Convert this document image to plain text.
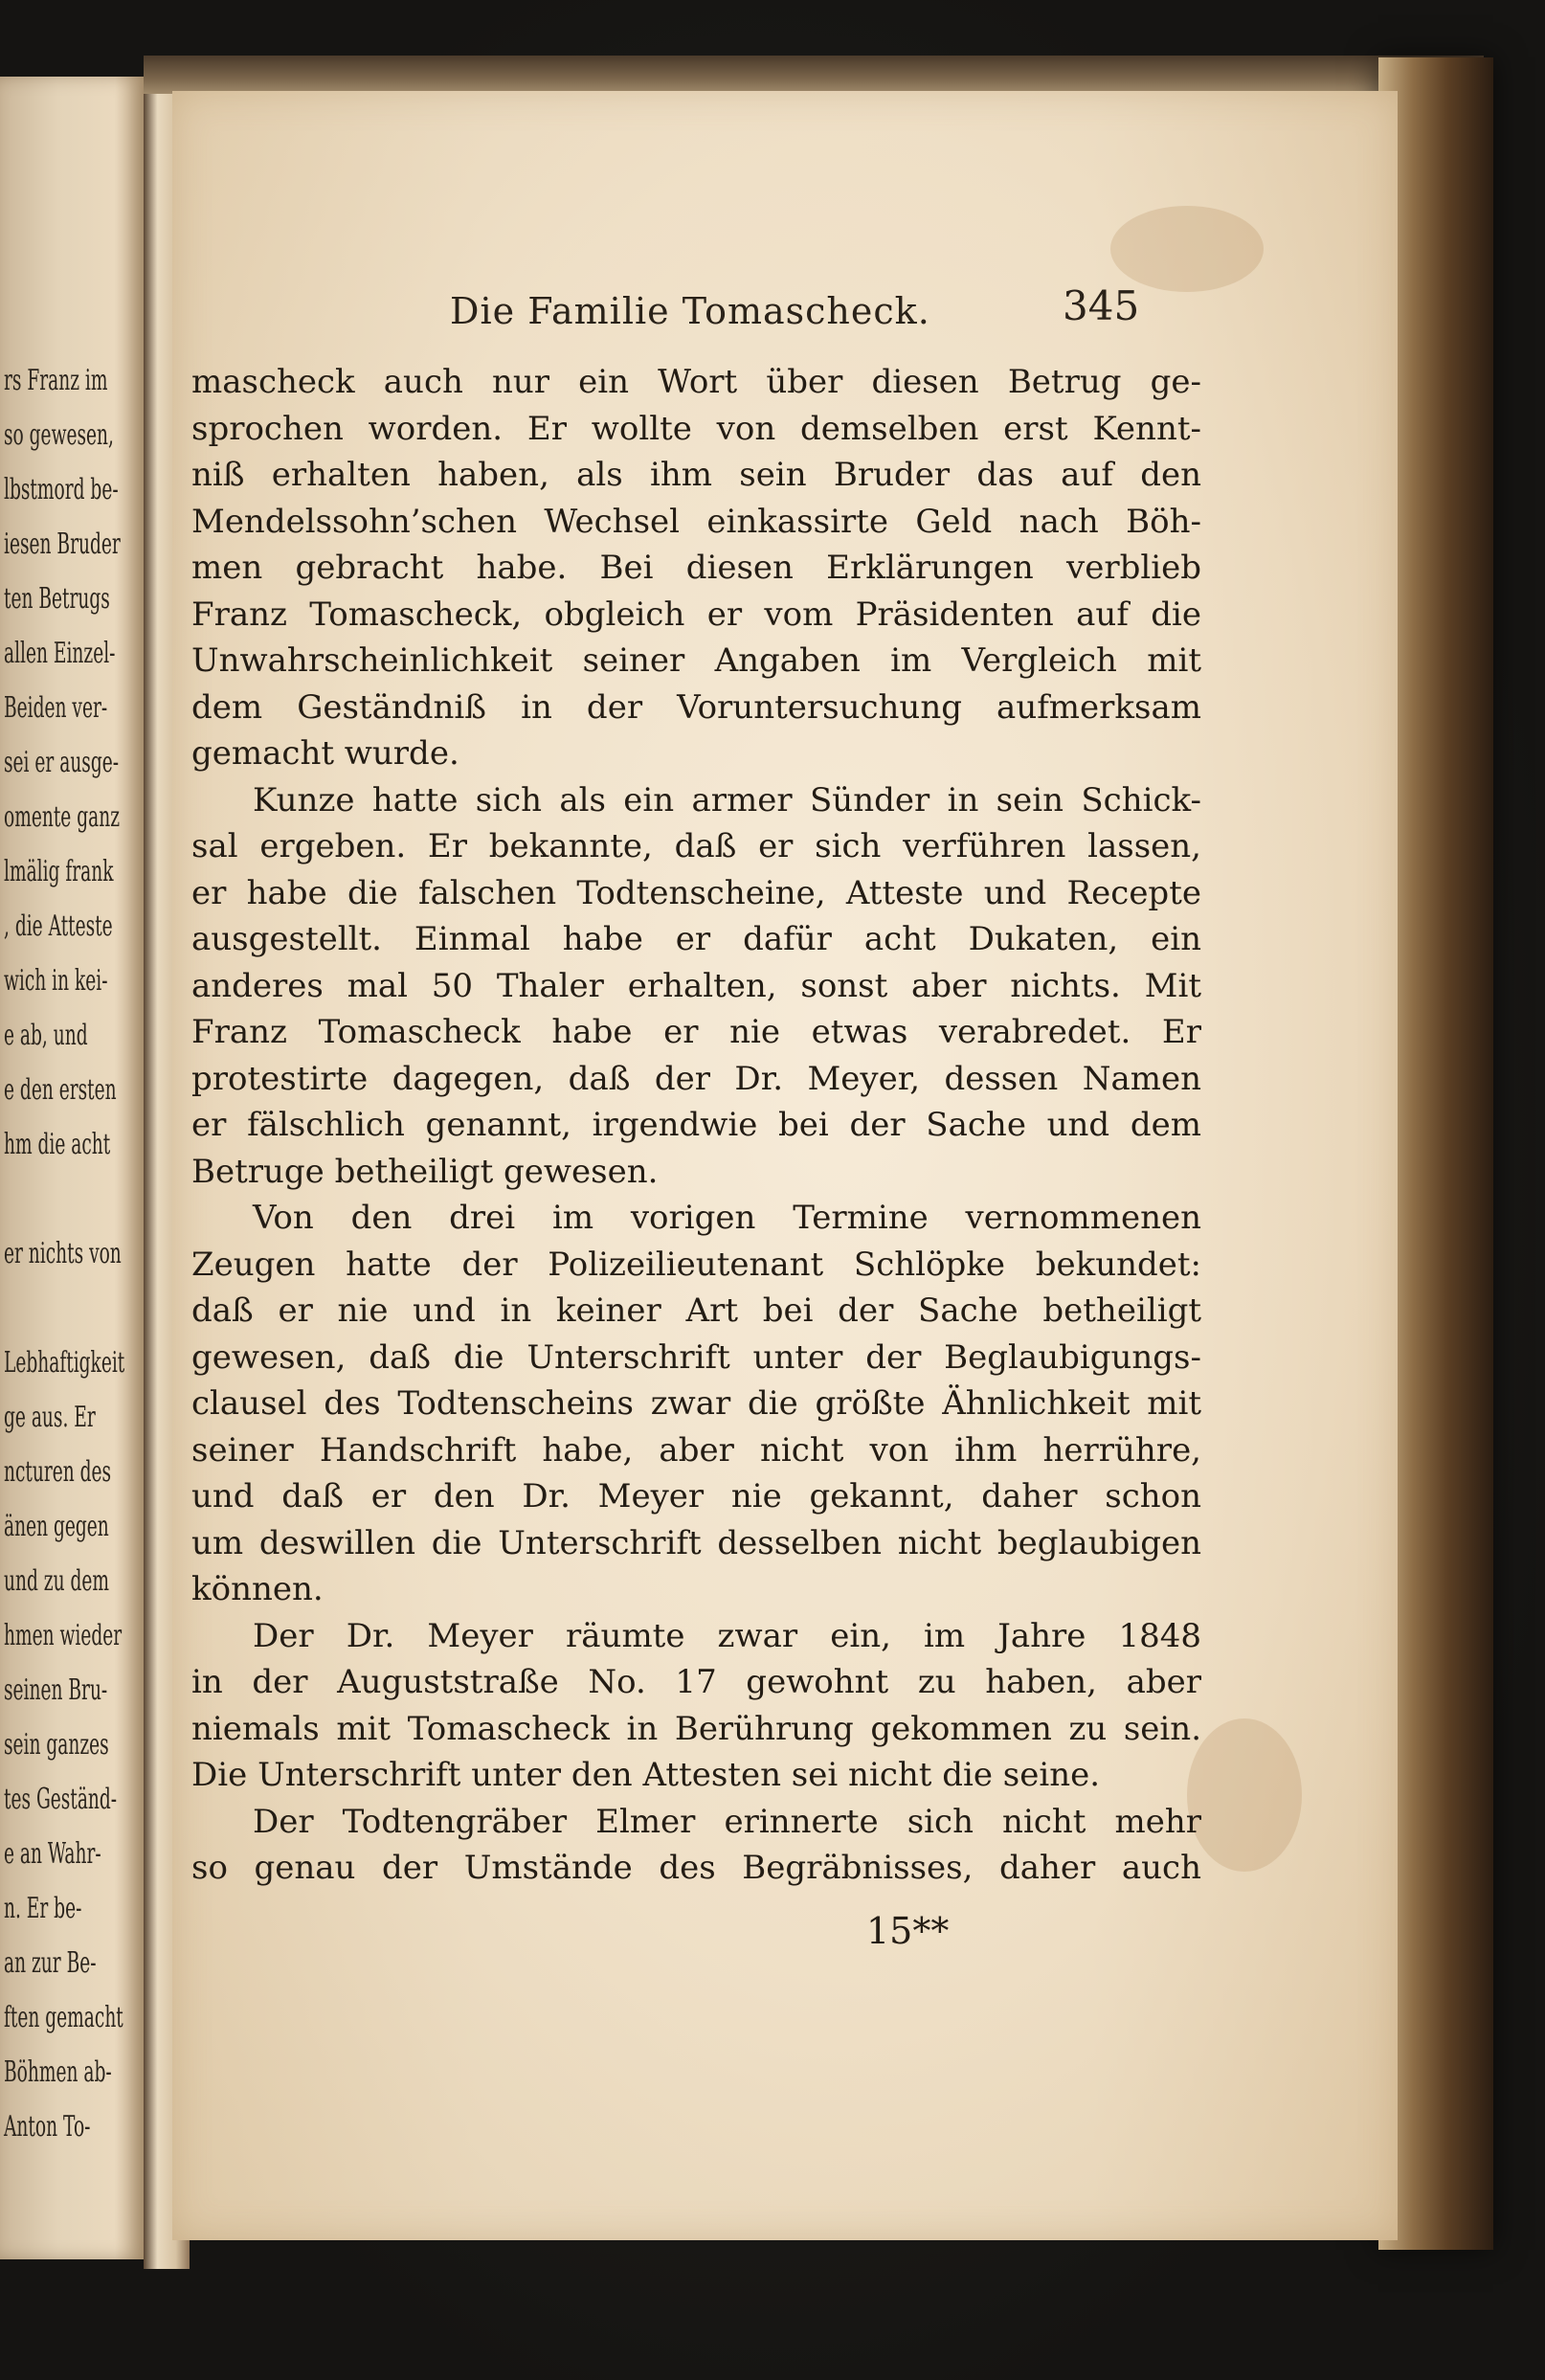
rs Franz im
so gewesen,
lbstmord be-
iesen Bruder
ten Betrugs
allen Einzel-
Beiden ver-
sei er ausge-
omente ganz
lmälig frank
, die Atteste
wich in kei-
e ab, und
e den ersten
hm die acht
er nichts von
Lebhaftigkeit
ge aus. Er
ncturen des
änen gegen
und zu dem
hmen wieder
seinen Bru-
sein ganzes
tes Geständ-
e an Wahr-
n. Er be-
an zur Be-
ften gemacht
Böhmen ab-
Anton To-
Die Familie Tomascheck.	345
mascheck auch nur ein Wort über diesen Betrug ge-
sprochen worden. Er wollte von demselben erst Kennt-
niß erhalten haben, als ihm sein Bruder das auf den
Mendelssohn’schen Wechsel einkassirte Geld nach Böh-
men gebracht habe. Bei diesen Erklärungen verblieb
Franz Tomascheck, obgleich er vom Präsidenten auf die
Unwahrscheinlichkeit seiner Angaben im Vergleich mit
dem Geständniß in der Voruntersuchung aufmerksam
gemacht wurde.
Kunze hatte sich als ein armer Sünder in sein Schick-
sal ergeben. Er bekannte, daß er sich verführen lassen,
er habe die falschen Todtenscheine, Atteste und Recepte
ausgestellt. Einmal habe er dafür acht Dukaten, ein
anderes mal 50 Thaler erhalten, sonst aber nichts. Mit
Franz Tomascheck habe er nie etwas verabredet. Er
protestirte dagegen, daß der Dr. Meyer, dessen Namen
er fälschlich genannt, irgendwie bei der Sache und dem
Betruge betheiligt gewesen.
Von den drei im vorigen Termine vernommenen
Zeugen hatte der Polizeilieutenant Schlöpke bekundet:
daß er nie und in keiner Art bei der Sache betheiligt
gewesen, daß die Unterschrift unter der Beglaubigungs-
clausel des Todtenscheins zwar die größte Ähnlichkeit mit
seiner Handschrift habe, aber nicht von ihm herrühre,
und daß er den Dr. Meyer nie gekannt, daher schon
um deswillen die Unterschrift desselben nicht beglaubigen
können.
Der Dr. Meyer räumte zwar ein, im Jahre 1848
in der Auguststraße No. 17 gewohnt zu haben, aber
niemals mit Tomascheck in Berührung gekommen zu sein.
Die Unterschrift unter den Attesten sei nicht die seine.
Der Todtengräber Elmer erinnerte sich nicht mehr
so genau der Umstände des Begräbnisses, daher auch
15**
